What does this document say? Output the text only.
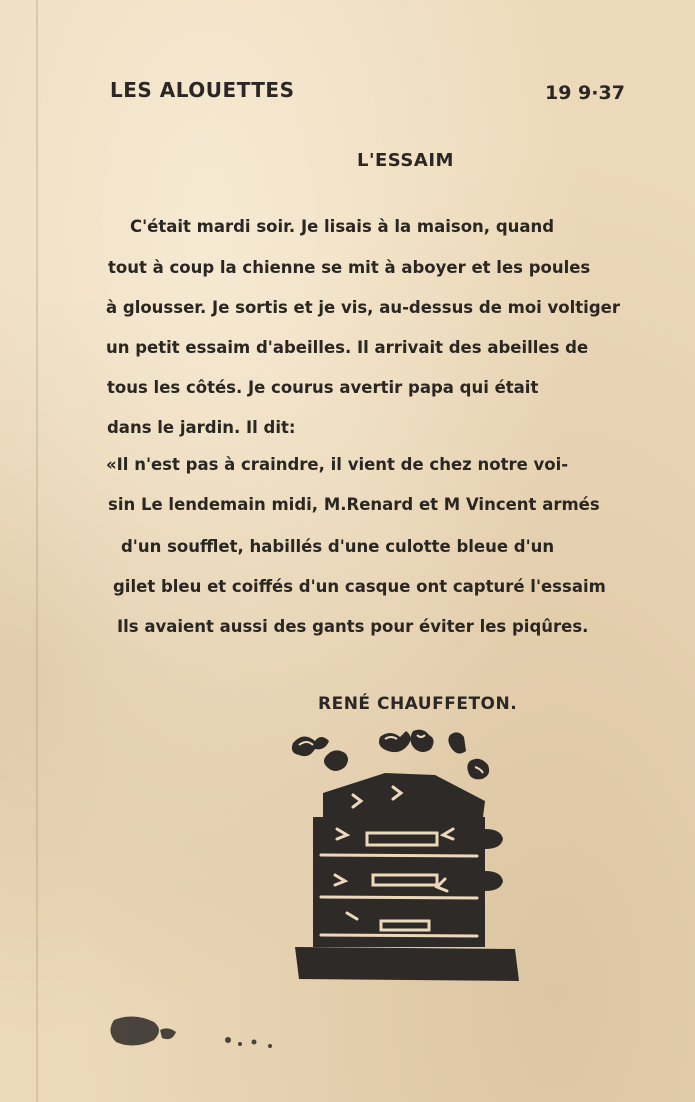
LES ALOUETTES	19 9·37
L'ESSAIM
C'était mardi soir. Je lisais à la maison, quand
tout à coup la chienne se mit à aboyer et les poules
à glousser. Je sortis et je vis, au-dessus de moi voltiger
un petit essaim d'abeilles. Il arrivait des abeilles de
tous les côtés. Je courus avertir papa qui était
dans le jardin. Il dit:
«Il n'est pas à craindre, il vient de chez notre voi-
sin Le lendemain midi, M.Renard et M Vincent armés
d'un soufflet, habillés d'une culotte bleue d'un
gilet bleu et coiffés d'un casque ont capturé l'essaim
Ils avaient aussi des gants pour éviter les piqûres.
RENÉ CHAUFFETON.
